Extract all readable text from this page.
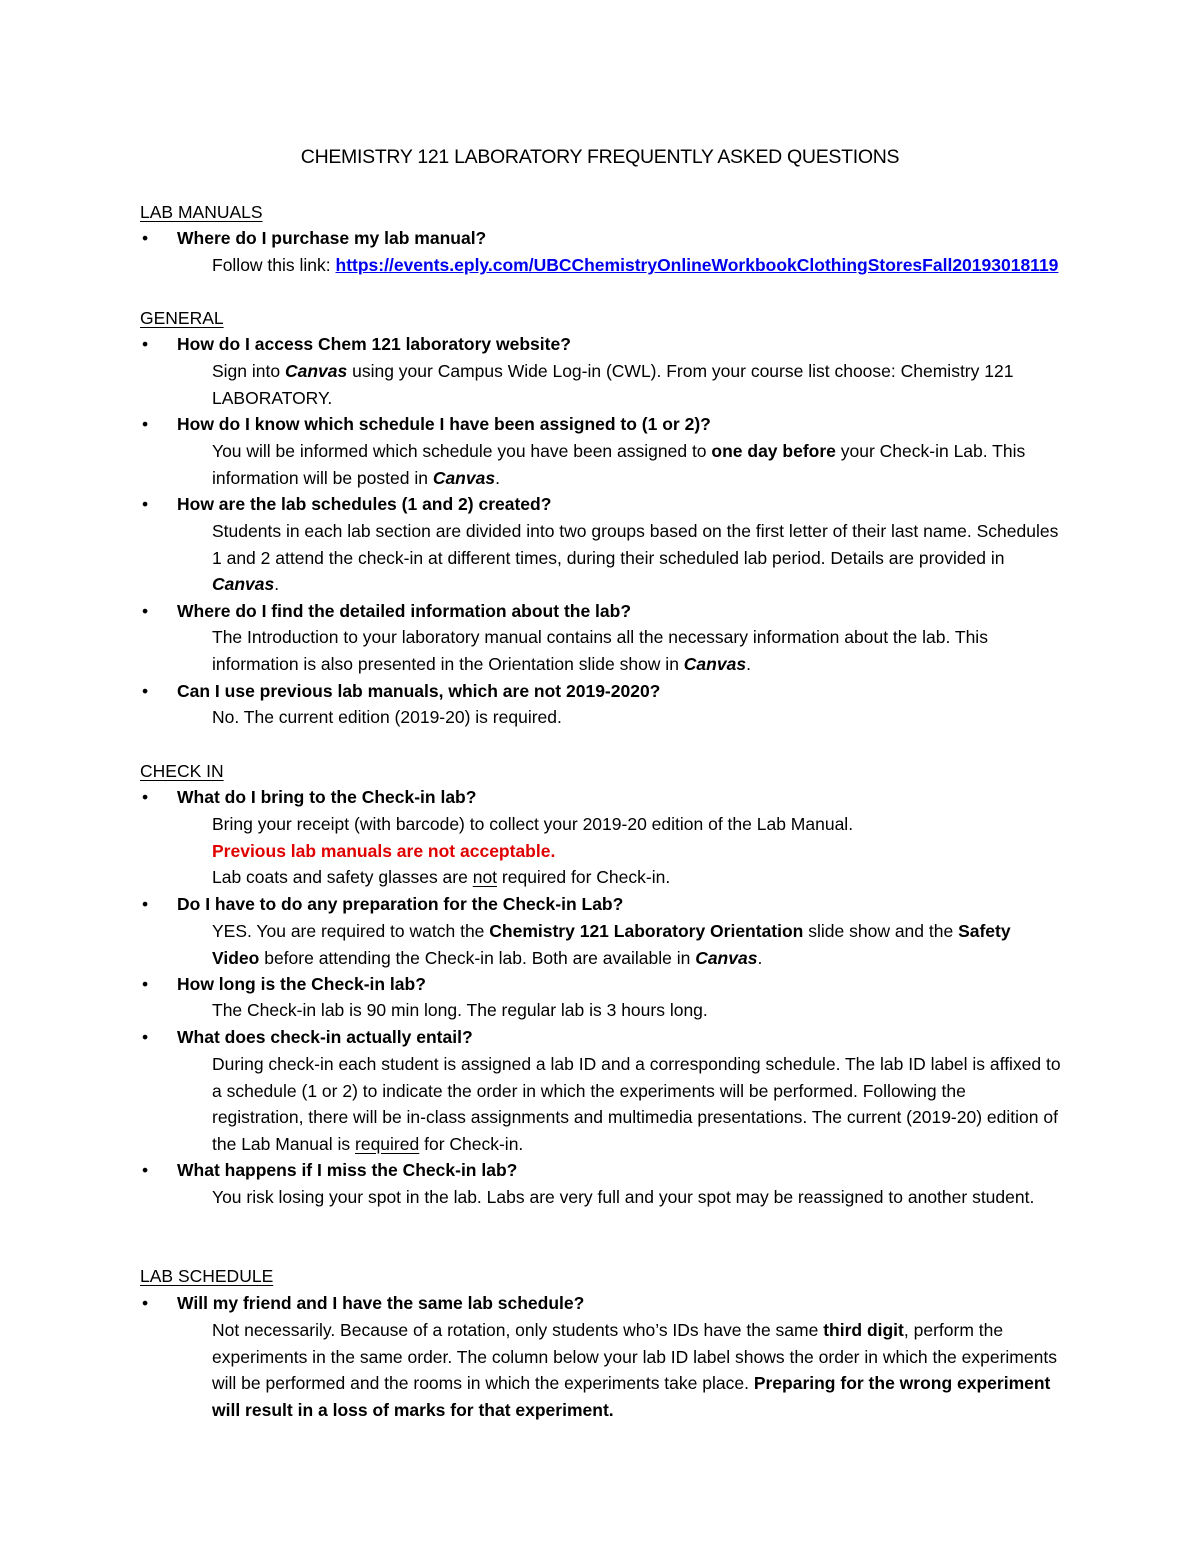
CHEMISTRY 121 LABORATORY FREQUENTLY ASKED QUESTIONS
LAB MANUALS
• Where do I purchase my lab manual?

Follow this link: https://events.eply.com/UBCChemistryOnlineWorkbookClothingStoresFall20193018119

GENERAL
• How do I access Chem 121 laboratory website?

Sign into Canvas using your Campus Wide Log-in (CWL). From your course list choose: Chemistry 121 LABORATORY.

• How do I know which schedule I have been assigned to (1 or 2)?

You will be informed which schedule you have been assigned to one day before your Check-in Lab. This information will be posted in Canvas.

• How are the lab schedules (1 and 2) created?

Students in each lab section are divided into two groups based on the first letter of their last name. Schedules 1 and 2 attend the check-in at different times, during their scheduled lab period. Details are provided in Canvas.

• Where do I find the detailed information about the lab?

The Introduction to your laboratory manual contains all the necessary information about the lab. This information is also presented in the Orientation slide show in Canvas.

• Can I use previous lab manuals, which are not 2019-2020?

No. The current edition (2019-20) is required.

CHECK IN
• What do I bring to the Check-in lab?

Bring your receipt (with barcode) to collect your 2019-20 edition of the Lab Manual.

Previous lab manuals are not acceptable.

Lab coats and safety glasses are not required for Check-in.

• Do I have to do any preparation for the Check-in Lab?

YES. You are required to watch the Chemistry 121 Laboratory Orientation slide show and the Safety Video before attending the Check-in lab. Both are available in Canvas.

• How long is the Check-in lab?

The Check-in lab is 90 min long. The regular lab is 3 hours long.

• What does check-in actually entail?

During check-in each student is assigned a lab ID and a corresponding schedule. The lab ID label is affixed to a schedule (1 or 2) to indicate the order in which the experiments will be performed. Following the registration, there will be in-class assignments and multimedia presentations. The current (2019-20) edition of the Lab Manual is required for Check-in.

• What happens if I miss the Check-in lab?

You risk losing your spot in the lab. Labs are very full and your spot may be reassigned to another student.

LAB SCHEDULE
• Will my friend and I have the same lab schedule?

Not necessarily. Because of a rotation, only students who’s IDs have the same third digit, perform the experiments in the same order. The column below your lab ID label shows the order in which the experiments will be performed and the rooms in which the experiments take place. Preparing for the wrong experiment will result in a loss of marks for that experiment.
